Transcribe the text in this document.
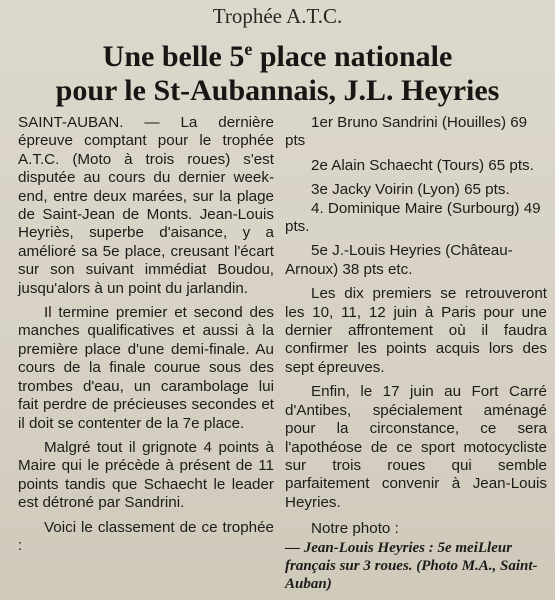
Trophée A.T.C.
Une belle 5e place nationale
pour le St-Aubannais, J.L. Heyries

SAINT-AUBAN. — La dernière épreuve comptant pour le trophée A.T.C. (Moto à trois roues) s'est disputée au cours du dernier week-end, entre deux marées, sur la plage de Saint-Jean de Monts. Jean-Louis Heyriès, superbe d'aisance, y a amélioré sa 5e place, creusant l'écart sur son suivant immédiat Boudou, jusqu'alors à un point du jarlandin.

Il termine premier et second des manches qualificatives et aussi à la première place d'une demi-finale. Au cours de la finale courue sous des trombes d'eau, un carambolage lui fait perdre de précieuses secondes et il doit se contenter de la 7e place.

Malgré tout il grignote 4 points à Maire qui le précède à présent de 11 points tandis que Schaecht le leader est détroné par Sandrini.

Voici le classement de ce trophée :

1er Bruno Sandrini (Houilles) 69 pts

2e Alain Schaecht (Tours) 65 pts.

3e Jacky Voirin (Lyon) 65 pts.

4. Dominique Maire (Surbourg) 49 pts.

5e J.-Louis Heyries (Château-Arnoux) 38 pts etc.

Les dix premiers se retrouveront les 10, 11, 12 juin à Paris pour une dernier affrontement où il faudra confirmer les points acquis lors des sept épreuves.

Enfin, le 17 juin au Fort Carré d'Antibes, spécialement aménagé pour la circonstance, ce sera l'apothéose de ce sport motocycliste sur trois roues qui semble parfaitement convenir à Jean-Louis Heyries.

Notre photo :

— Jean-Louis Heyries : 5e meiLleur français sur 3 roues. (Photo M.A., Saint-Auban)
